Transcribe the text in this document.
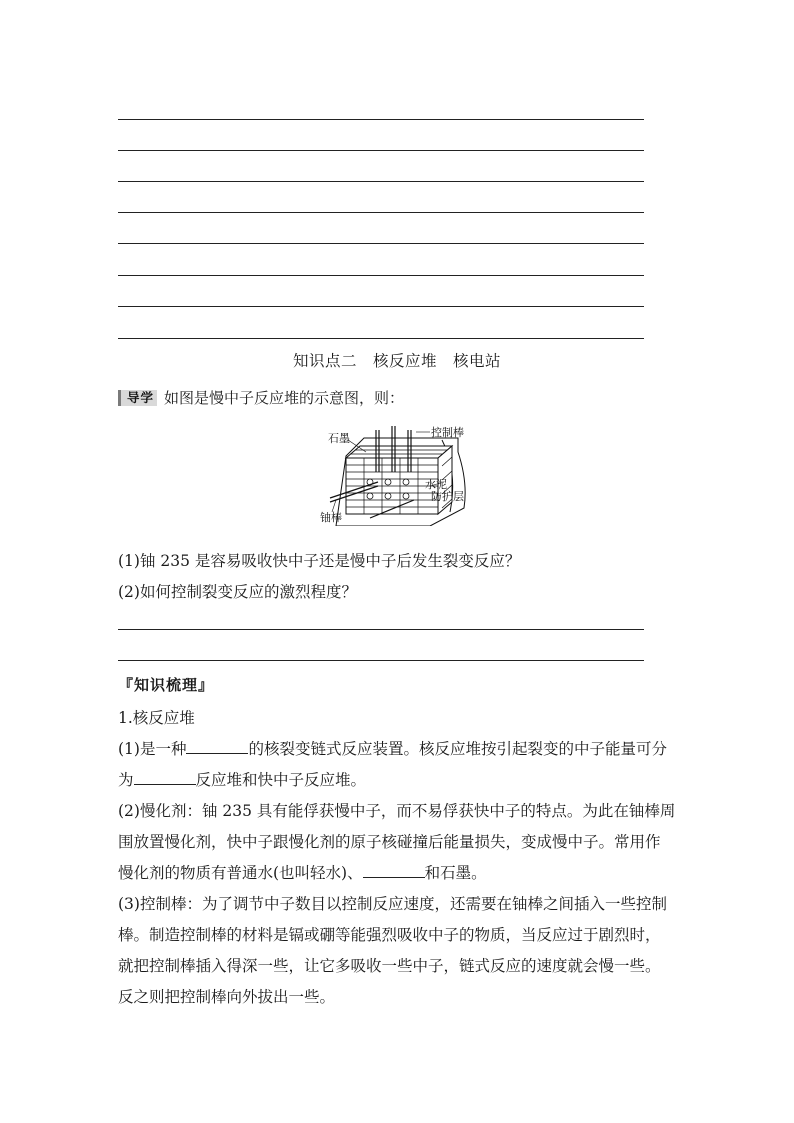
知识点二　核反应堆　核电站
导学 如图是慢中子反应堆的示意图，则：
石墨	控制棒
水泥
防护层
铀棒
(1)铀 235 是容易吸收快中子还是慢中子后发生裂变反应？
(2)如何控制裂变反应的激烈程度？
『知识梳理』
1.核反应堆
(1)是一种	的核裂变链式反应装置。核反应堆按引起裂变的中子能量可分
为	反应堆和快中子反应堆。
(2)慢化剂：铀 235 具有能俘获慢中子，而不易俘获快中子的特点。为此在铀棒周
围放置慢化剂，快中子跟慢化剂的原子核碰撞后能量损失，变成慢中子。常用作
慢化剂的物质有普通水(也叫轻水)、	和石墨。
(3)控制棒：为了调节中子数目以控制反应速度，还需要在铀棒之间插入一些控制
棒。制造控制棒的材料是镉或硼等能强烈吸收中子的物质，当反应过于剧烈时，
就把控制棒插入得深一些，让它多吸收一些中子，链式反应的速度就会慢一些。
反之则把控制棒向外拔出一些。
